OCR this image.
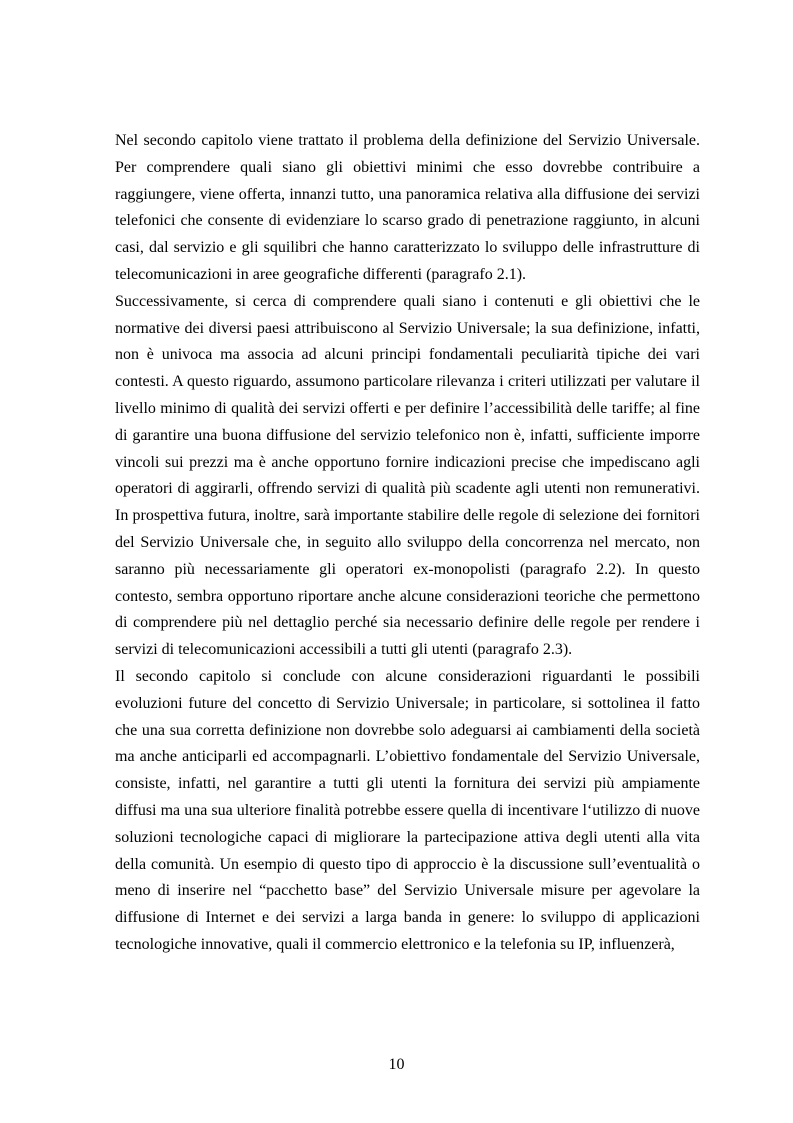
Nel secondo capitolo viene trattato il problema della definizione del Servizio Universale. Per comprendere quali siano gli obiettivi minimi che esso dovrebbe contribuire a raggiungere, viene offerta, innanzi tutto, una panoramica relativa alla diffusione dei servizi telefonici che consente di evidenziare lo scarso grado di penetrazione raggiunto, in alcuni casi, dal servizio e gli squilibri che hanno caratterizzato lo sviluppo delle infrastrutture di telecomunicazioni in aree geografiche differenti (paragrafo 2.1).

Successivamente, si cerca di comprendere quali siano i contenuti e gli obiettivi che le normative dei diversi paesi attribuiscono al Servizio Universale; la sua definizione, infatti, non è univoca ma associa ad alcuni principi fondamentali peculiarità tipiche dei vari contesti. A questo riguardo, assumono particolare rilevanza i criteri utilizzati per valutare il livello minimo di qualità dei servizi offerti e per definire l’accessibilità delle tariffe; al fine di garantire una buona diffusione del servizio telefonico non è, infatti, sufficiente imporre vincoli sui prezzi ma è anche opportuno fornire indicazioni precise che impediscano agli operatori di aggirarli, offrendo servizi di qualità più scadente agli utenti non remunerativi. In prospettiva futura, inoltre, sarà importante stabilire delle regole di selezione dei fornitori del Servizio Universale che, in seguito allo sviluppo della concorrenza nel mercato, non saranno più necessariamente gli operatori ex-monopolisti (paragrafo 2.2). In questo contesto, sembra opportuno riportare anche alcune considerazioni teoriche che permettono di comprendere più nel dettaglio perché sia necessario definire delle regole per rendere i servizi di telecomunicazioni accessibili a tutti gli utenti (paragrafo 2.3).

Il secondo capitolo si conclude con alcune considerazioni riguardanti le possibili evoluzioni future del concetto di Servizio Universale; in particolare, si sottolinea il fatto che una sua corretta definizione non dovrebbe solo adeguarsi ai cambiamenti della società ma anche anticiparli ed accompagnarli. L’obiettivo fondamentale del Servizio Universale, consiste, infatti, nel garantire a tutti gli utenti la fornitura dei servizi più ampiamente diffusi ma una sua ulteriore finalità potrebbe essere quella di incentivare l‘utilizzo di nuove soluzioni tecnologiche capaci di migliorare la partecipazione attiva degli utenti alla vita della comunità. Un esempio di questo tipo di approccio è la discussione sull’eventualità o meno di inserire nel “pacchetto base” del Servizio Universale misure per agevolare la diffusione di Internet e dei servizi a larga banda in genere: lo sviluppo di applicazioni tecnologiche innovative, quali il commercio elettronico e la telefonia su IP, influenzerà,

10
